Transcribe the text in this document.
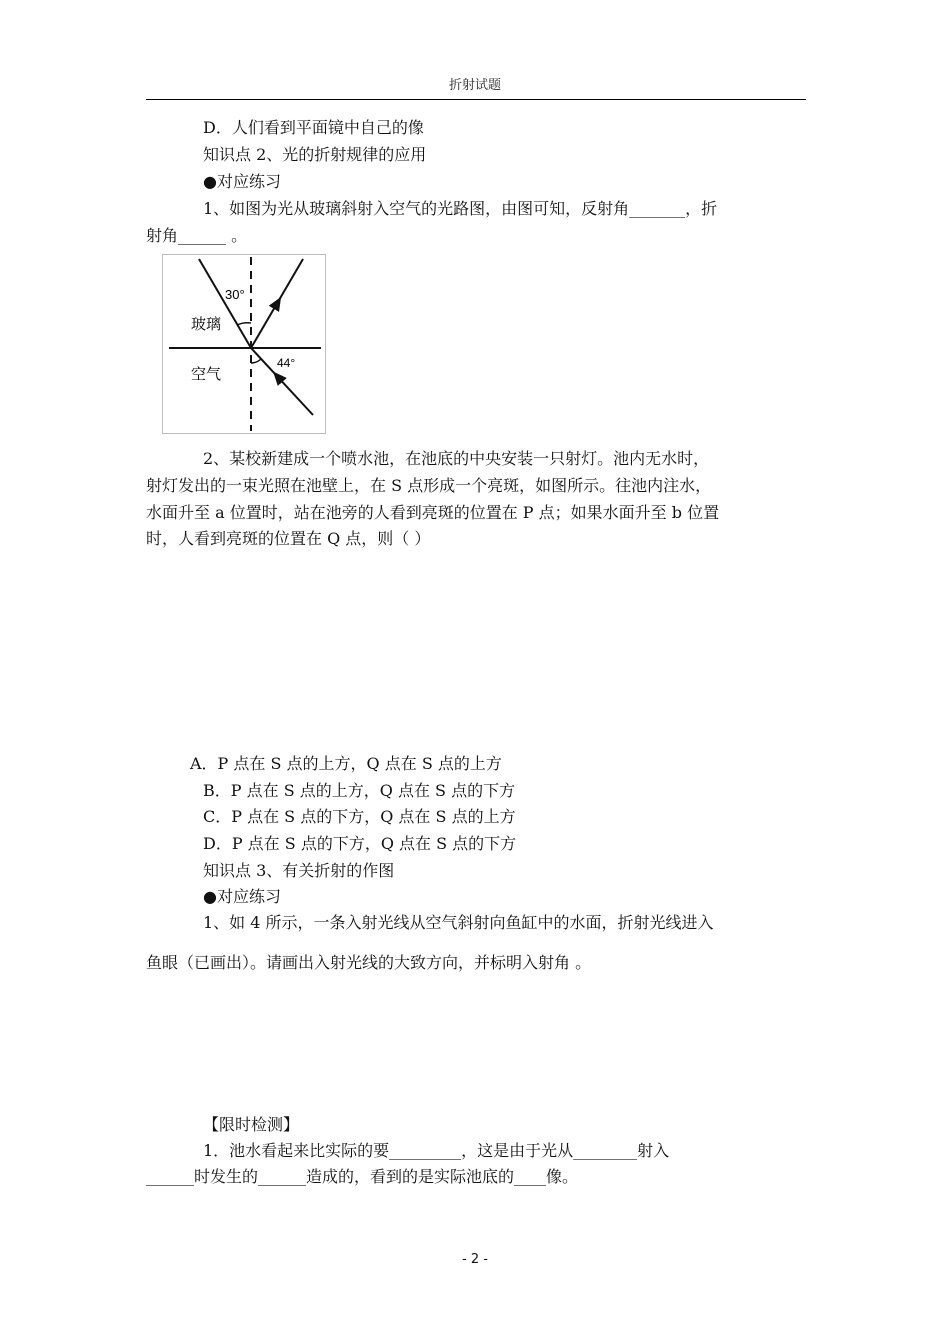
折射试题
D．人们看到平面镜中自己的像
知识点 2、光的折射规律的应用
●对应练习
1、如图为光从玻璃斜射入空气的光路图，由图可知，反射角_______，折
射角______ 。
30°
44°
玻璃
空气
2、某校新建成一个喷水池，在池底的中央安装一只射灯。池内无水时，
射灯发出的一束光照在池壁上，在 S 点形成一个亮斑，如图所示。往池内注水，
水面升至 a 位置时，站在池旁的人看到亮斑的位置在 P 点；如果水面升至 b 位置
时，人看到亮斑的位置在 Q 点，则（ ）
A．P 点在 S 点的上方，Q 点在 S 点的上方
B．P 点在 S 点的上方，Q 点在 S 点的下方
C．P 点在 S 点的下方，Q 点在 S 点的上方
D．P 点在 S 点的下方，Q 点在 S 点的下方
知识点 3、有关折射的作图
●对应练习
1、如 4 所示，一条入射光线从空气斜射向鱼缸中的水面，折射光线进入
鱼眼（已画出）。请画出入射光线的大致方向，并标明入射角 。
【限时检测】
1．池水看起来比实际的要_________，这是由于光从________射入
______时发生的______造成的，看到的是实际池底的____像。
- 2 -
